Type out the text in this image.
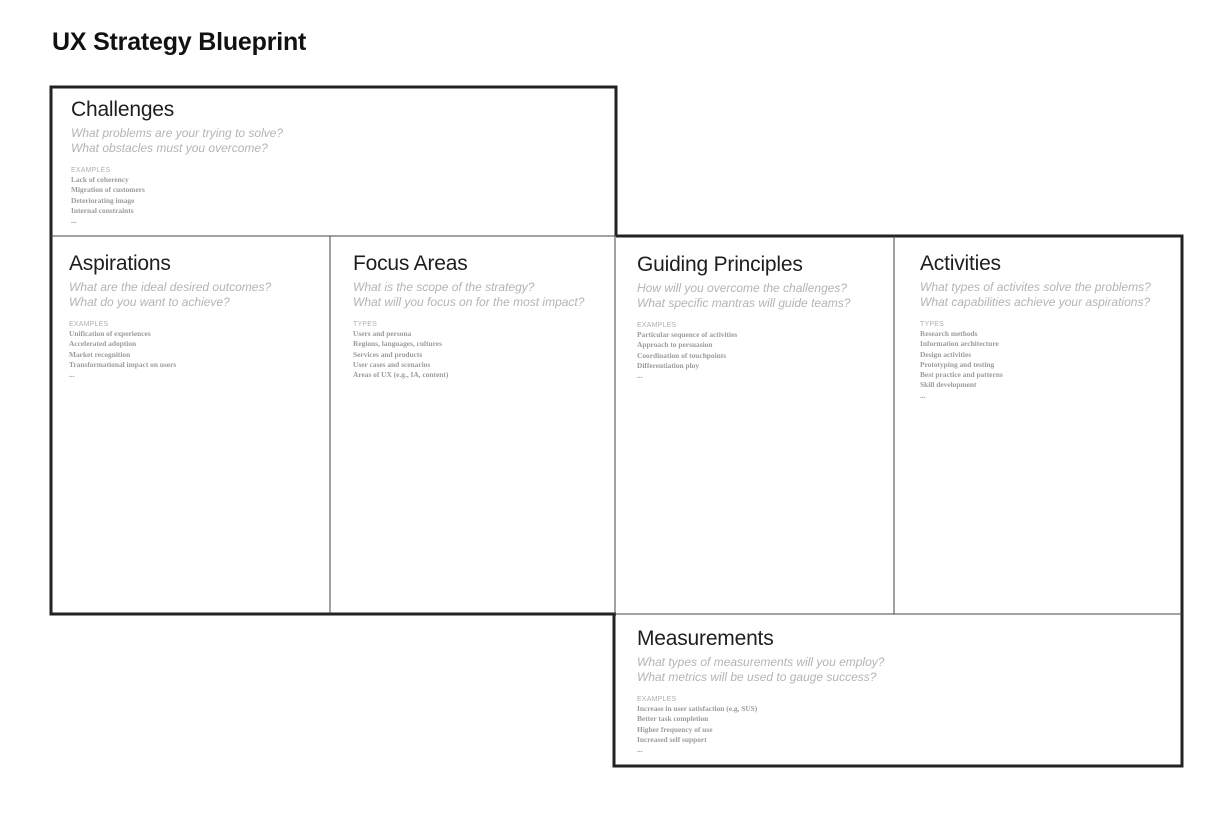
UX Strategy Blueprint
Challenges
What problems are your trying to solve?
What obstacles must you overcome?
EXAMPLES
Lack of coherency
Migration of customers
Deteriorating image
Internal constraints
...
Aspirations
What are the ideal desired outcomes?
What do you want to achieve?
EXAMPLES
Unification of experiences
Accelerated adoption
Market recognition
Transformational impact on users
...
Focus Areas
What is the scope of the strategy?
What will you focus on for the most impact?
TYPES
Users and persona
Regions, languages, cultures
Services and products
User cases and scenarios
Areas of UX (e.g., IA, content)
Guiding Principles
How will you overcome the challenges?
What specific mantras will guide teams?
EXAMPLES
Particular sequence of activities
Approach to persuasion
Coordination of touchpoints
Differentiation ploy
...
Activities
What types of activites solve the problems?
What capabilities achieve your aspirations?
TYPES
Research methods
Information architecture
Design activities
Prototyping and testing
Best practice and patterns
Skill development
...
Measurements
What types of measurements will you employ?
What metrics will be used to gauge success?
EXAMPLES
Increase in user satisfaction (e.g, SUS)
Better task completion
Higher frequency of use
Increased self support
...
